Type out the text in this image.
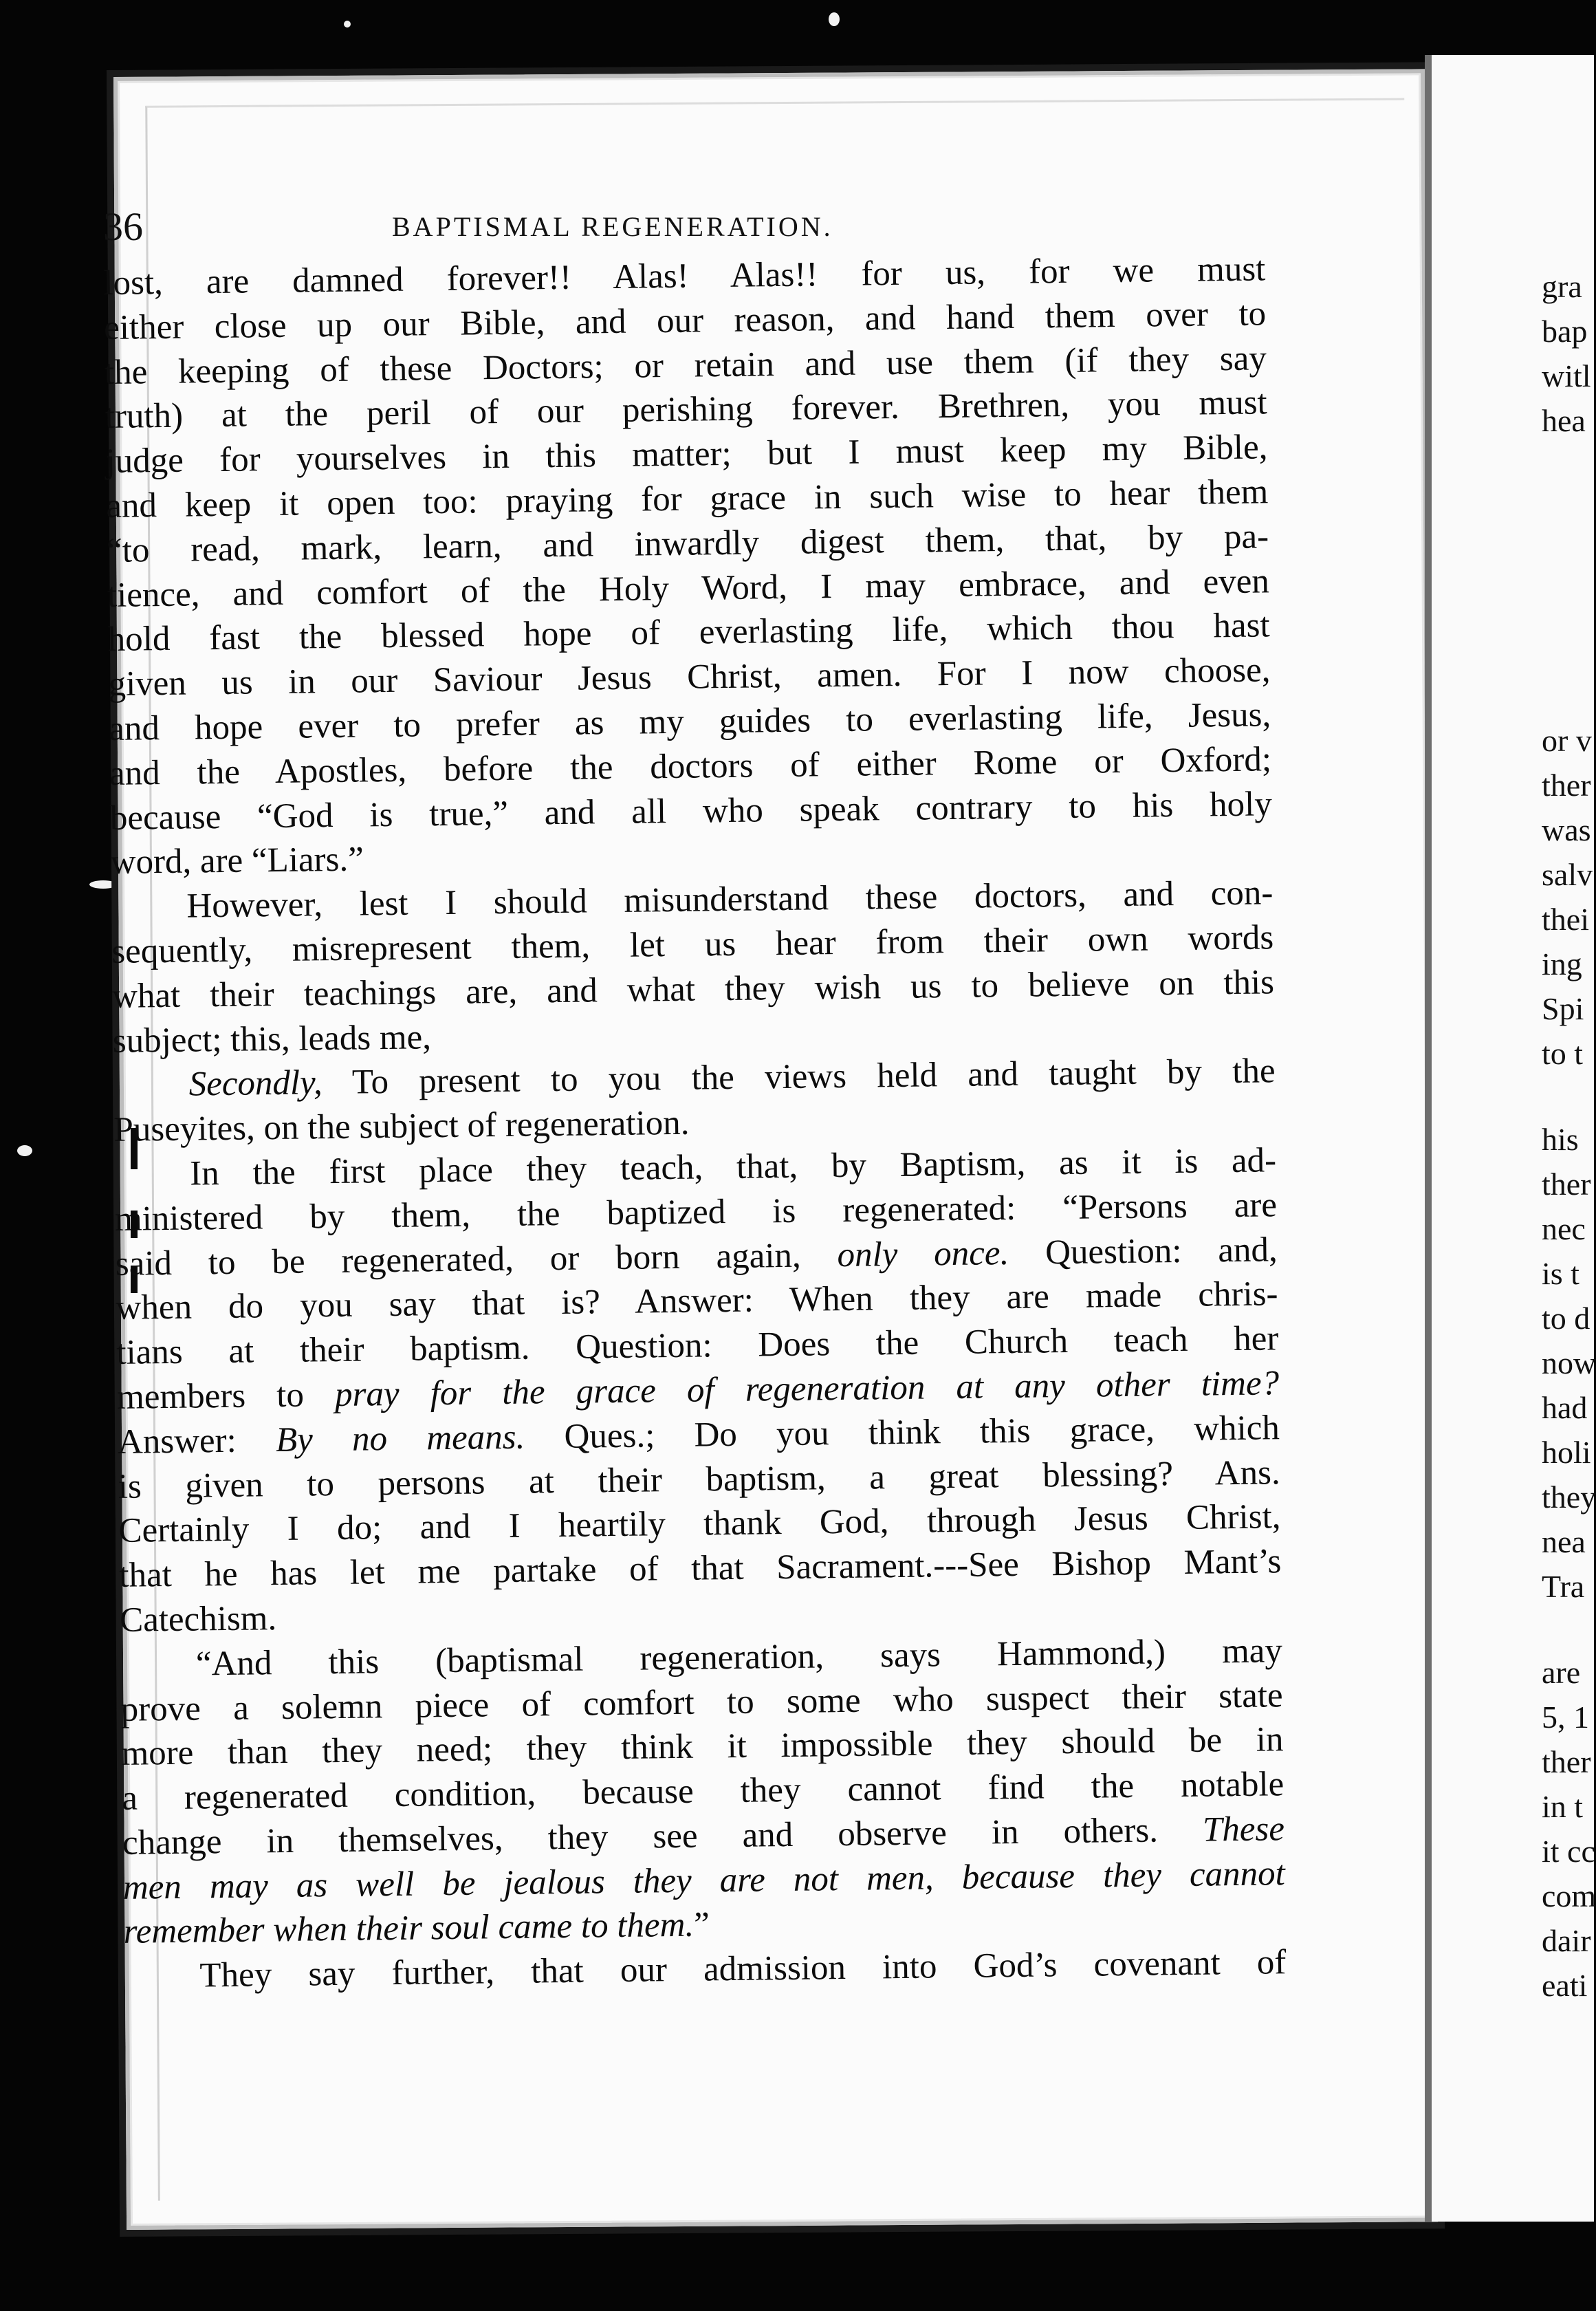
36	BAPTISMAL REGENERATION.
lost, are damned forever!! Alas! Alas!! for us, for we must
either close up our Bible, and our reason, and hand them over to
the keeping of these Doctors; or retain and use them (if they say
truth) at the peril of our perishing forever. Brethren, you must
judge for yourselves in this matter; but I must keep my Bible,
and keep it open too: praying for grace in such wise to hear them
“to read, mark, learn, and inwardly digest them, that, by pa-
tience, and comfort of the Holy Word, I may embrace, and even
hold fast the blessed hope of everlasting life, which thou hast
given us in our Saviour Jesus Christ, amen. For I now choose,
and hope ever to prefer as my guides to everlasting life, Jesus,
and the Apostles, before the doctors of either Rome or Oxford;
because “God is true,” and all who speak contrary to his holy
word, are “Liars.”
However, lest I should misunderstand these doctors, and con-
sequently, misrepresent them, let us hear from their own words
what their teachings are, and what they wish us to believe on this
subject; this, leads me,
Secondly, To present to you the views held and taught by the
Puseyites, on the subject of regeneration.
In the first place they teach, that, by Baptism, as it is ad-
ministered by them, the baptized is regenerated: “Persons are
said to be regenerated, or born again, only once. Question: and,
when do you say that is? Answer: When they are made chris-
tians at their baptism. Question: Does the Church teach her
members to pray for the grace of regeneration at any other time?
Answer: By no means. Ques.; Do you think this grace, which
is given to persons at their baptism, a great blessing? Ans.
Certainly I do; and I heartily thank God, through Jesus Christ,
that he has let me partake of that Sacrament.---See Bishop Mant’s
Catechism.
“And this (baptismal regeneration, says Hammond,) may
prove a solemn piece of comfort to some who suspect their state
more than they need; they think it impossible they should be in
a regenerated condition, because they cannot find the notable
change in themselves, they see and observe in others. These
men may as well be jealous they are not men, because they cannot
remember when their soul came to them.”
They say further, that our admission into God’s covenant of
gra
bap
witl
hea
or v
ther
was
salv
thei
ing
Spi
to t
his
ther
nec
is t
to d
now
had
holi
they
nea
Tra
are
5, 1
ther
in t
it cc
com
dair
eati
